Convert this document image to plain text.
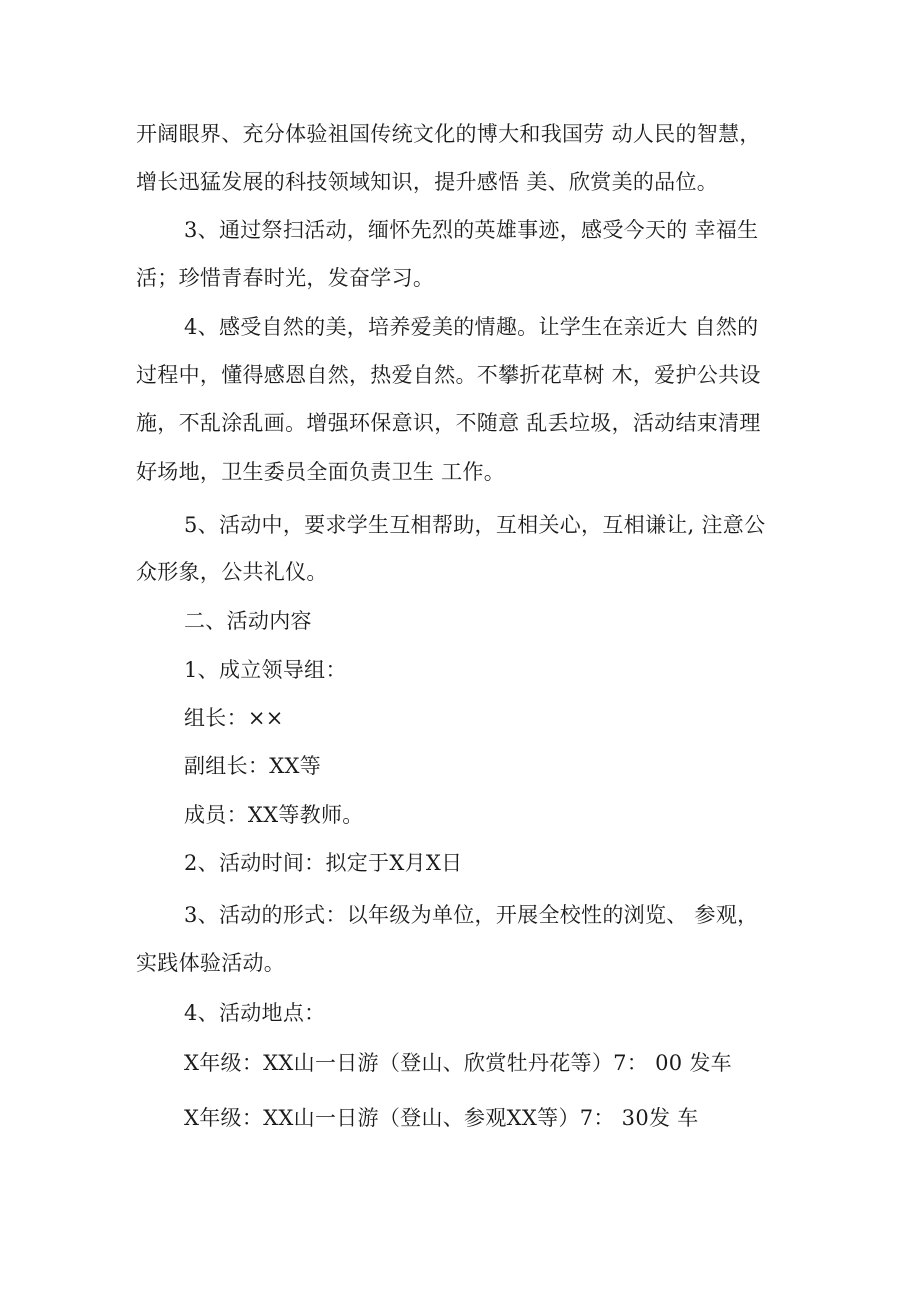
开阔眼界、充分体验祖国传统文化的博大和我国劳 动人民的智慧，

增长迅猛发展的科技领域知识，提升感悟 美、欣赏美的品位。

3、通过祭扫活动，缅怀先烈的英雄事迹，感受今天的 幸福生

活；珍惜青春时光，发奋学习。

4、感受自然的美，培养爱美的情趣。让学生在亲近大 自然的

过程中，懂得感恩自然，热爱自然。不攀折花草树 木，爱护公共设

施，不乱涂乱画。增强环保意识，不随意 乱丢垃圾，活动结束清理

好场地，卫生委员全面负责卫生 工作。

5、活动中，要求学生互相帮助，互相关心，互相谦让, 注意公

众形象，公共礼仪。

二、活动内容

1、成立领导组：

组长：××

副组长：XX等

成员：XX等教师。

2、活动时间：拟定于X月X日

3、活动的形式：以年级为单位，开展全校性的浏览、 参观，

实践体验活动。

4、活动地点：

X年级：XX山一日游（登山、欣赏牡丹花等）7： 00 发车

X年级：XX山一日游（登山、参观XX等）7： 30发 车
